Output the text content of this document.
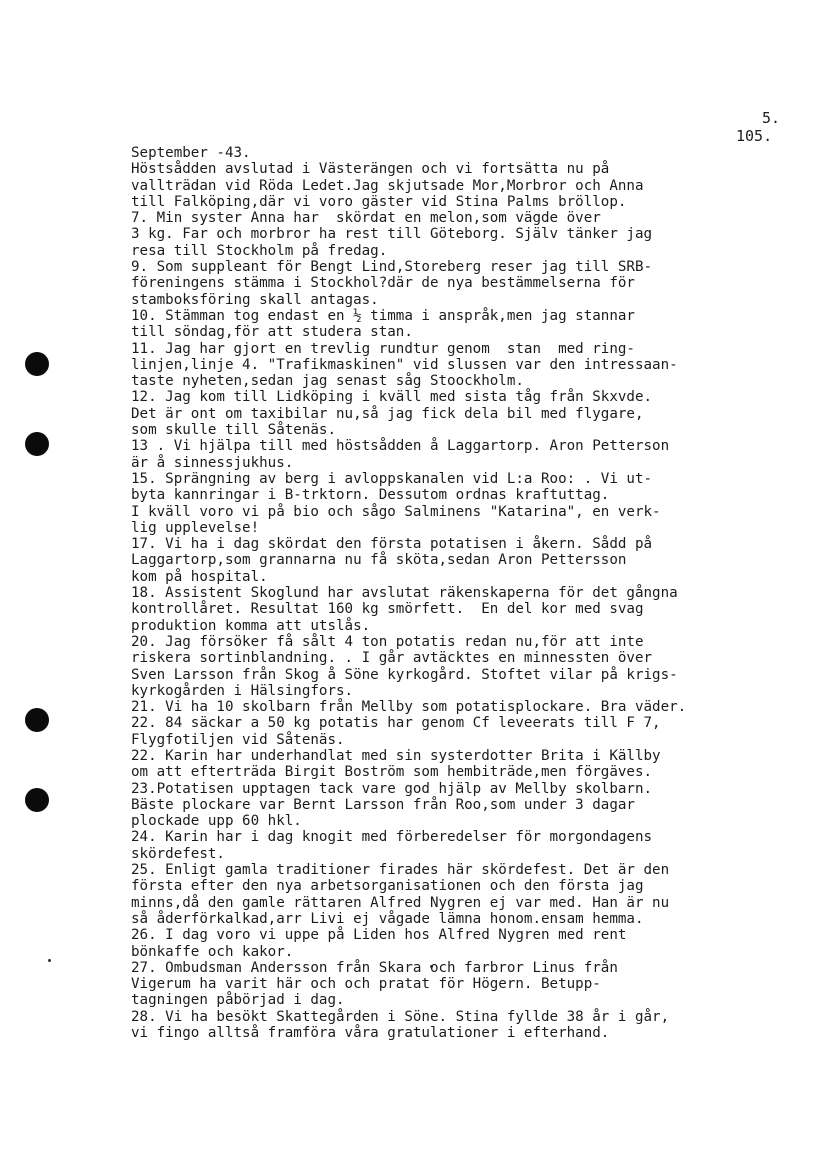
5.
105.
September -43.
Höstsådden avslutad i Västerängen och vi fortsätta nu på
vallträdan vid Röda Ledet.Jag skjutsade Mor,Morbror och Anna
till Falköping,där vi voro gäster vid Stina Palms bröllop.
7. Min syster Anna har  skördat en melon,som vägde över
3 kg. Far och morbror ha rest till Göteborg. Själv tänker jag
resa till Stockholm på fredag.
9. Som suppleant för Bengt Lind,Storeberg reser jag till SRB-
föreningens stämma i Stockhol?där de nya bestämmelserna för
stamboksföring skall antagas.
10. Stämman tog endast en ½ timma i anspråk,men jag stannar
till söndag,för att studera stan.
11. Jag har gjort en trevlig rundtur genom  stan  med ring-
linjen,linje 4. "Trafikmaskinen" vid slussen var den intressaan-
taste nyheten,sedan jag senast såg Stoockholm.
12. Jag kom till Lidköping i kväll med sista tåg från Skxvde.
Det är ont om taxibilar nu,så jag fick dela bil med flygare,
som skulle till Såtenäs.
13 . Vi hjälpa till med höstsådden å Laggartorp. Aron Petterson
är å sinnessjukhus.
15. Sprängning av berg i avloppskanalen vid L:a Roo: . Vi ut-
byta kannringar i B-trktorn. Dessutom ordnas kraftuttag.
I kväll voro vi på bio och sågo Salminens "Katarina", en verk-
lig upplevelse!
17. Vi ha i dag skördat den första potatisen i åkern. Sådd på
Laggartorp,som grannarna nu få sköta,sedan Aron Pettersson
kom på hospital.
18. Assistent Skoglund har avslutat räkenskaperna för det gångna
kontrollåret. Resultat 160 kg smörfett.  En del kor med svag
produktion komma att utslås.
20. Jag försöker få sålt 4 ton potatis redan nu,för att inte
riskera sortinblandning. . I går avtäcktes en minnessten över
Sven Larsson från Skog å Söne kyrkogård. Stoftet vilar på krigs-
kyrkogården i Hälsingfors.
21. Vi ha 10 skolbarn från Mellby som potatisplockare. Bra väder.
22. 84 säckar a 50 kg potatis har genom Cf leveerats till F 7,
Flygfotiljen vid Såtenäs.
22. Karin har underhandlat med sin systerdotter Brita i Källby
om att efterträda Birgit Boström som hembiträde,men förgäves.
23.Potatisen upptagen tack vare god hjälp av Mellby skolbarn.
Bäste plockare var Bernt Larsson från Roo,som under 3 dagar
plockade upp 60 hkl.
24. Karin har i dag knogit med förberedelser för morgondagens
skördefest.
25. Enligt gamla traditioner firades här skördefest. Det är den
första efter den nya arbetsorganisationen och den första jag
minns,då den gamle rättaren Alfred Nygren ej var med. Han är nu
så åderförkalkad,arr Livi ej vågade lämna honom.ensam hemma.
26. I dag voro vi uppe på Liden hos Alfred Nygren med rent
bönkaffe och kakor.
27. Ombudsman Andersson från Skara och farbror Linus från
Vigerum ha varit här och och pratat för Högern. Betupp-
tagningen påbörjad i dag.
28. Vi ha besökt Skattegården i Söne. Stina fyllde 38 år i går,
vi fingo alltså framföra våra gratulationer i efterhand.
